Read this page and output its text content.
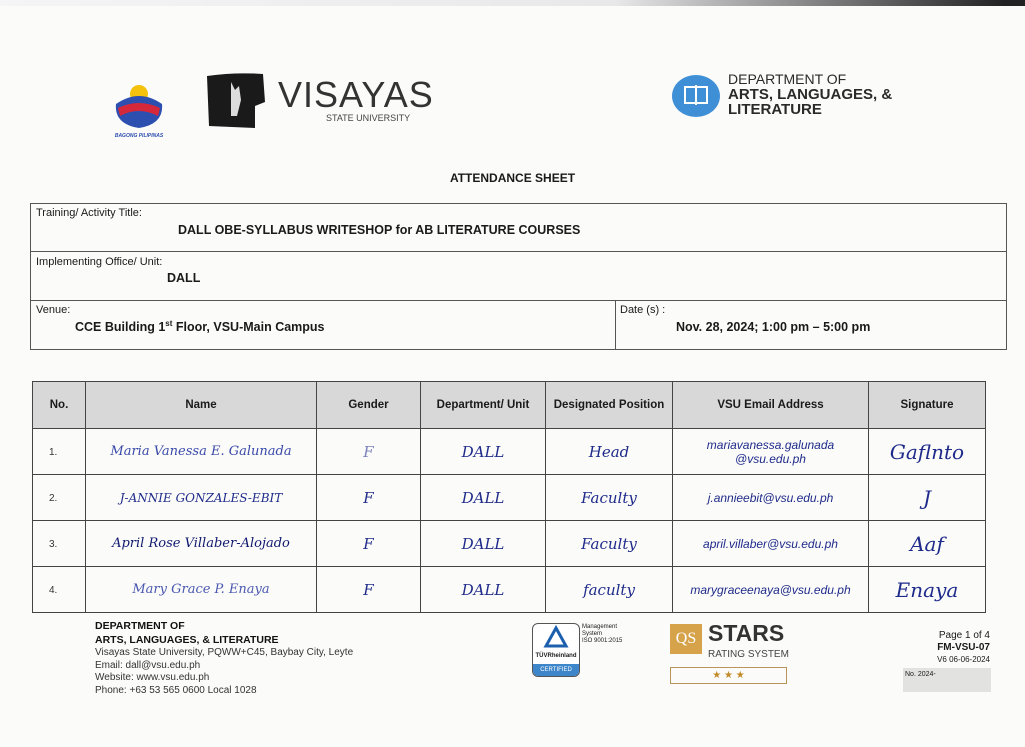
BAGONG PILIPINAS
VISAYAS
STATE UNIVERSITY
DEPARTMENT OF
ARTS, LANGUAGES, &
LITERATURE
ATTENDANCE SHEET
Training/ Activity Title:
DALL OBE-SYLLABUS WRITESHOP for AB LITERATURE COURSES
Implementing Office/ Unit:
DALL
Venue:
CCE Building 1st Floor, VSU-Main Campus
Date (s) :
Nov. 28, 2024; 1:00 pm – 5:00 pm
No.	Name	Gender	Department/ Unit	Designated Position	VSU Email Address	Signature
1.	Maria Vanessa E. Galunada	F	DALL	Head	mariavanessa.galunada @vsu.edu.ph	Gaflnto
2.	J-ANNIE GONZALES-EBIT	F	DALL	Faculty	j.annieebit@vsu.edu.ph	J
3.	April Rose Villaber-Alojado	F	DALL	Faculty	april.villaber@vsu.edu.ph	Aaf
4.	Mary Grace P. Enaya	F	DALL	faculty	marygraceenaya@vsu.edu.ph	Enaya
DEPARTMENT OF
ARTS, LANGUAGES, & LITERATURE
Visayas State University, PQWW+C45, Baybay City, Leyte
Email: dall@vsu.edu.ph
Website: www.vsu.edu.ph
Phone: +63 53 565 0600 Local 1028
TÜVRheinland
CERTIFIED
Management System
ISO 9001:2015	QS STARS
RATING SYSTEM
★ ★ ★
Page 1 of 4
FM-VSU-07
V6 06-06-2024
No. 2024-
